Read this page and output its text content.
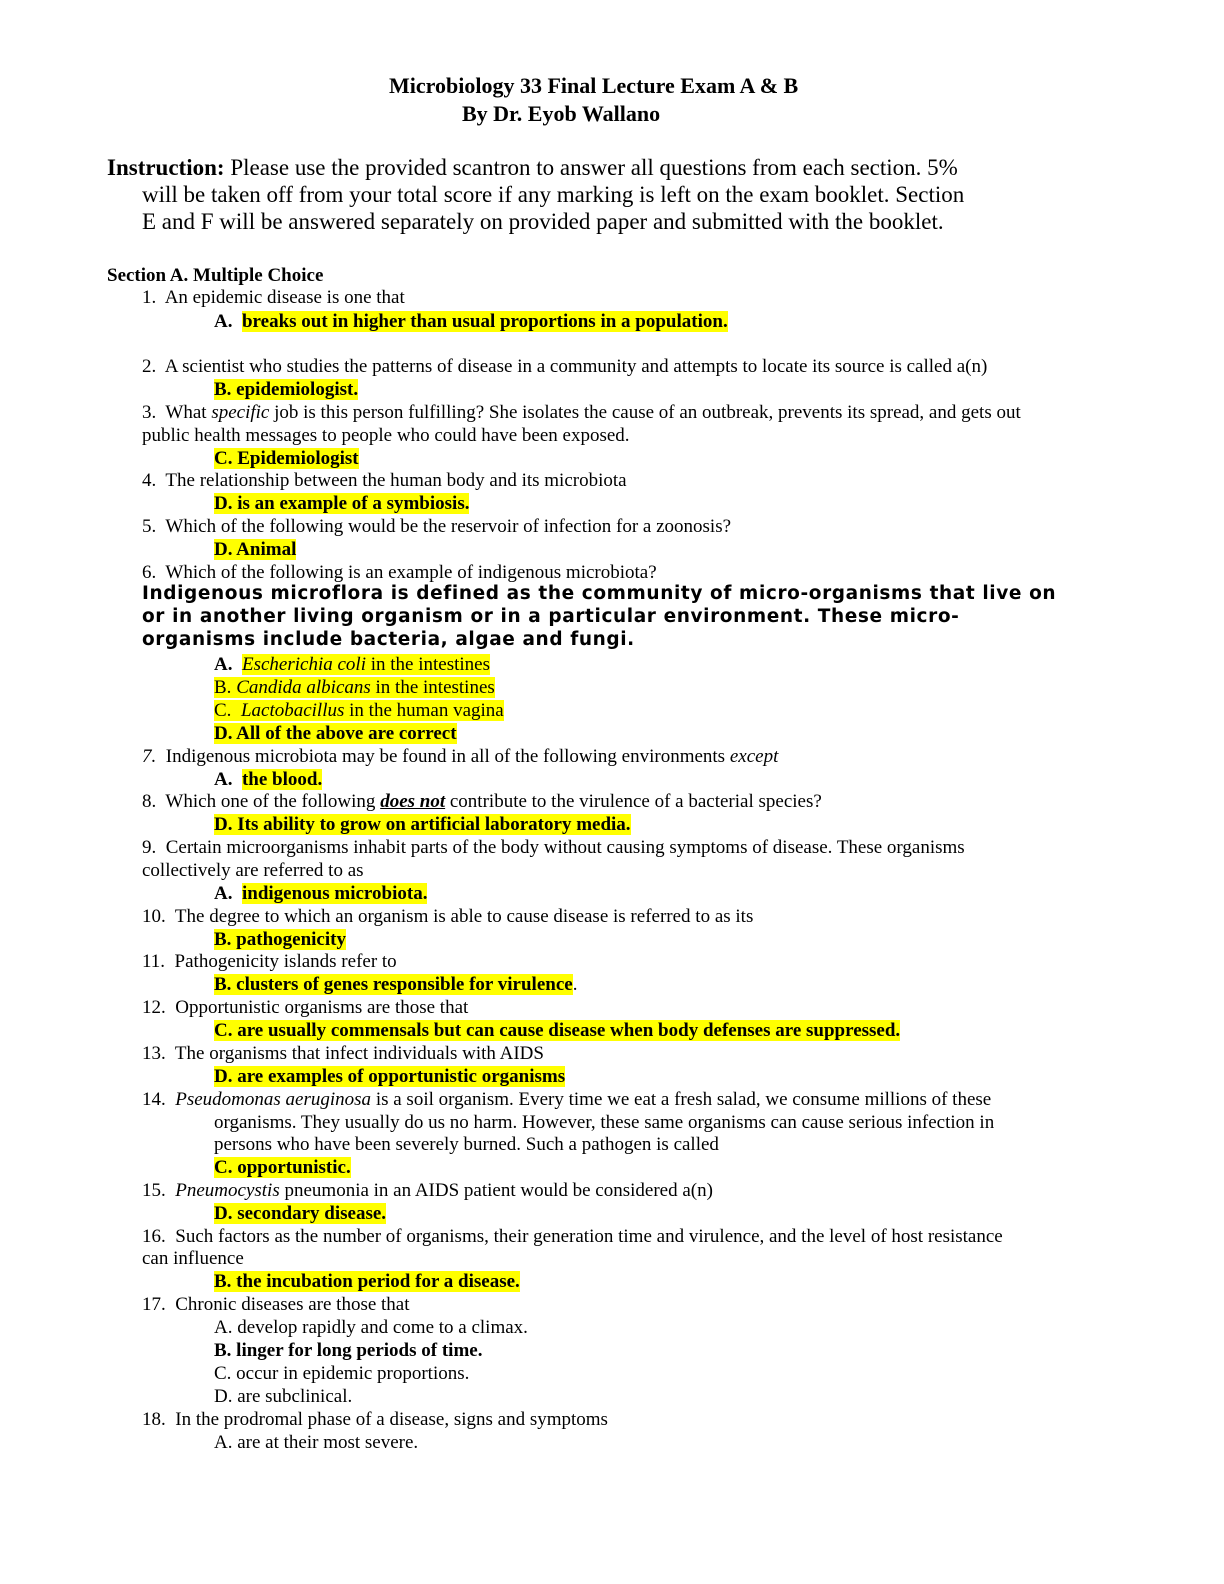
Microbiology 33 Final Lecture Exam A & B
By Dr. Eyob Wallano
Instruction: Please use the provided scantron to answer all questions from each section. 5%
will be taken off from your total score if any marking is left on the exam booklet. Section
E and F will be answered separately on provided paper and submitted with the booklet.
Section A. Multiple Choice
1. An epidemic disease is one that
A. breaks out in higher than usual proportions in a population.
2. A scientist who studies the patterns of disease in a community and attempts to locate its source is called a(n)
B. epidemiologist.
3. What specific job is this person fulfilling? She isolates the cause of an outbreak, prevents its spread, and gets out
public health messages to people who could have been exposed.
C. Epidemiologist
4. The relationship between the human body and its microbiota
D. is an example of a symbiosis.
5. Which of the following would be the reservoir of infection for a zoonosis?
D. Animal
6. Which of the following is an example of indigenous microbiota?
Indigenous microflora is defined as the community of micro-organisms that live on
or in another living organism or in a particular environment. These micro-
organisms include bacteria, algae and fungi.
A. Escherichia coli in the intestines
B. Candida albicans in the intestines
C. Lactobacillus in the human vagina
D. All of the above are correct
7. Indigenous microbiota may be found in all of the following environments except
A. the blood.
8. Which one of the following does not contribute to the virulence of a bacterial species?
D. Its ability to grow on artificial laboratory media.
9. Certain microorganisms inhabit parts of the body without causing symptoms of disease. These organisms
collectively are referred to as
A. indigenous microbiota.
10. The degree to which an organism is able to cause disease is referred to as its
B. pathogenicity
11. Pathogenicity islands refer to
B. clusters of genes responsible for virulence.
12. Opportunistic organisms are those that
C. are usually commensals but can cause disease when body defenses are suppressed.
13. The organisms that infect individuals with AIDS
D. are examples of opportunistic organisms
14. Pseudomonas aeruginosa is a soil organism. Every time we eat a fresh salad, we consume millions of these
organisms. They usually do us no harm. However, these same organisms can cause serious infection in
persons who have been severely burned. Such a pathogen is called
C. opportunistic.
15. Pneumocystis pneumonia in an AIDS patient would be considered a(n)
D. secondary disease.
16. Such factors as the number of organisms, their generation time and virulence, and the level of host resistance
can influence
B. the incubation period for a disease.
17. Chronic diseases are those that
A. develop rapidly and come to a climax.
B. linger for long periods of time.
C. occur in epidemic proportions.
D. are subclinical.
18. In the prodromal phase of a disease, signs and symptoms
A. are at their most severe.
